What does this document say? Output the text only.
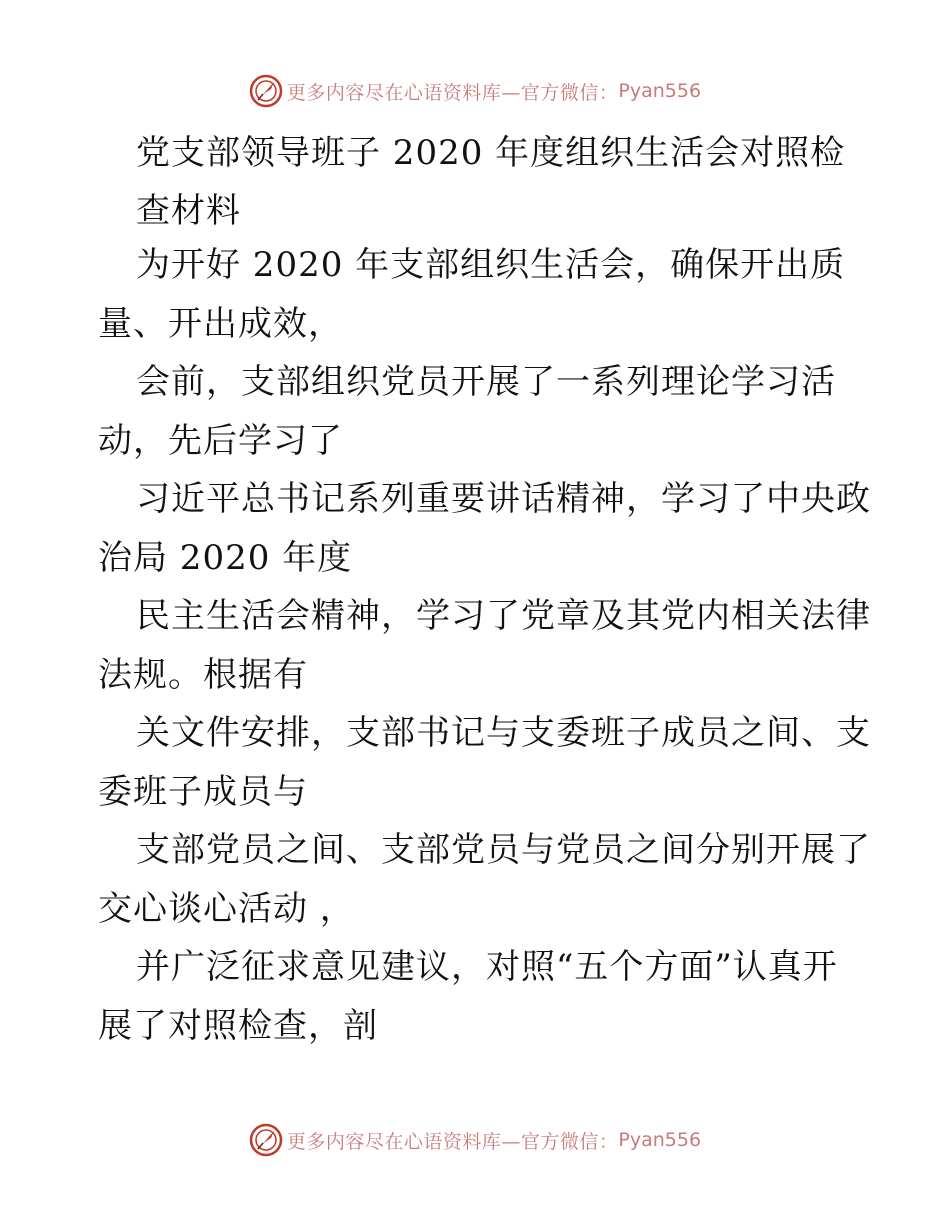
更多内容尽在心语资料库—官方微信： Pyan556
党支部领导班子 2020 年度组织生活会对照检
查材料
为开好 2020 年支部组织生活会，确保开出质
量、开出成效，
会前，支部组织党员开展了一系列理论学习活
动，先后学习了
习近平总书记系列重要讲话精神，学习了中央政
治局 2020 年度
民主生活会精神，学习了党章及其党内相关法律
法规。根据有
关文件安排，支部书记与支委班子成员之间、支
委班子成员与
支部党员之间、支部党员与党员之间分别开展了
交心谈心活动 ，
并广泛征求意见建议，对照“五个方面”认真开
展了对照检查，剖
更多内容尽在心语资料库—官方微信： Pyan556
